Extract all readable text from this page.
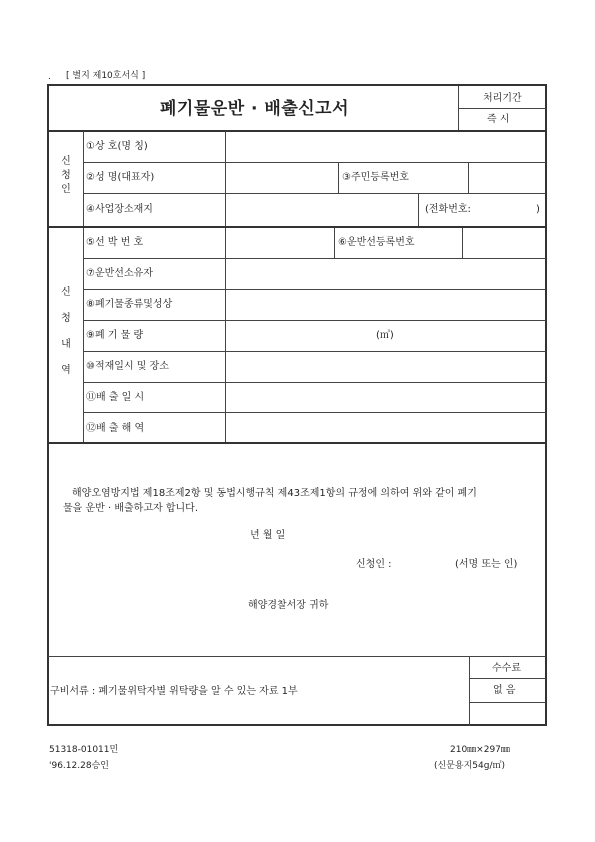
. [ 별지 제10호서식 ]
폐기물운반 · 배출신고서
처리기간
즉 시
신
청
인
①상 호(명 칭)
②성 명(대표자)	③주민등록번호
④사업장소재지	(전화번호:	)
신
청
내
역
⑤선 박 번 호	⑥운반선등록번호
⑦운반선소유자
⑧폐기물종류및성상
⑨폐 기 물 량	(㎥)
⑩적재일시 및 장소
⑪배 출 일 시
⑫배 출 해 역
해양오염방지법 제18조제2항 및 동법시행규칙 제43조제1항의 규정에 의하여 위와 같이 폐기
물을 운반 · 배출하고자 합니다.
년 월 일
신청인 :	(서명 또는 인)
해양경찰서장 귀하
구비서류 : 폐기물위탁자별 위탁량을 알 수 있는 자료 1부
수수료
없 음
51318-01011민
'96.12.28승인
210㎜×297㎜
(신문용지54g/㎡)
